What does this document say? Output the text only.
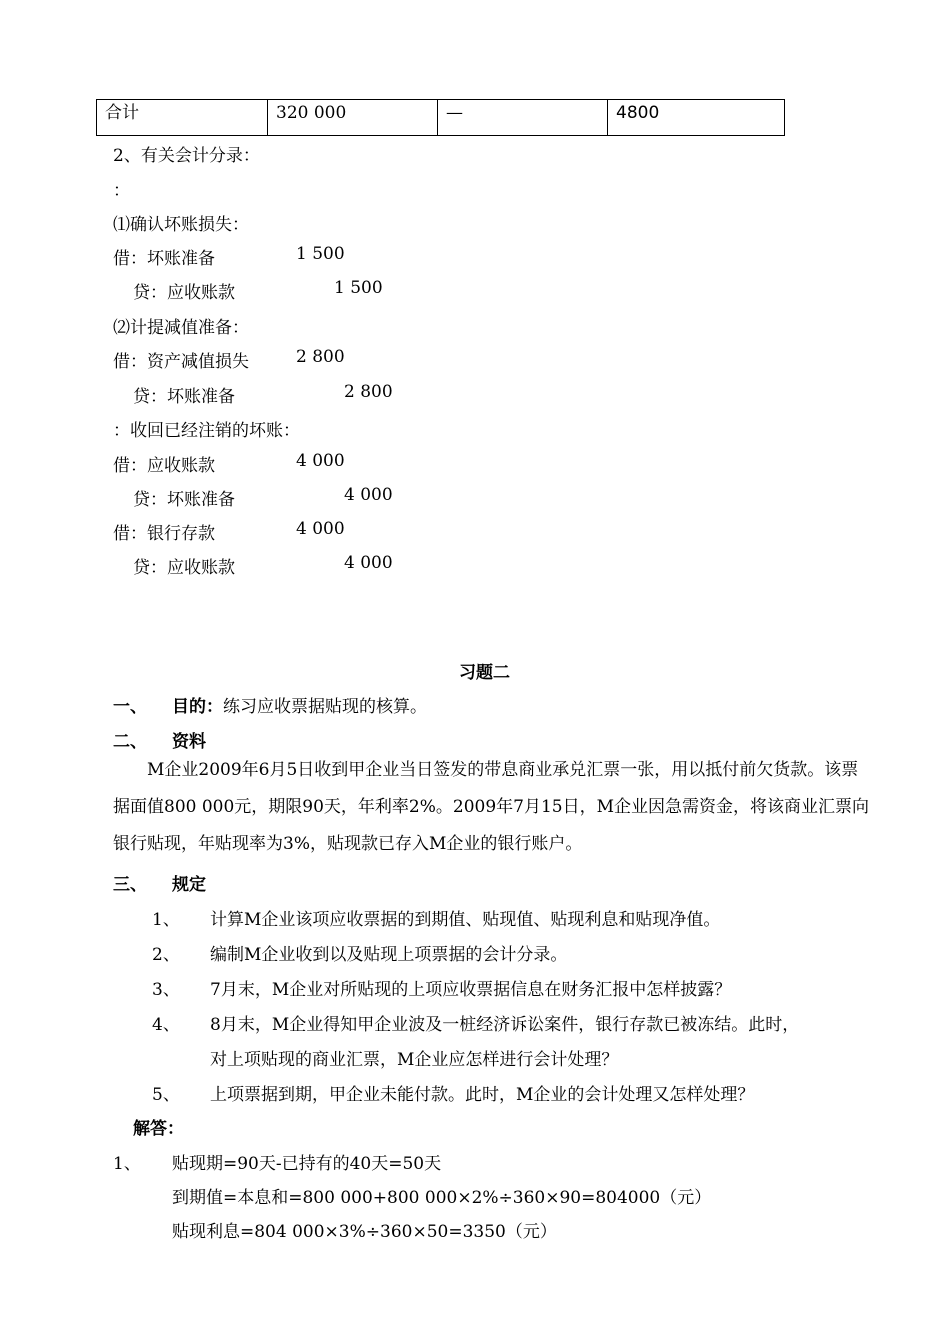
合计	320 000	—	4800
2、有关会计分录：
：
⑴确认坏账损失：
借：坏账准备	1 500
贷：应收账款	1 500
⑵计提减值准备：
借：资产减值损失	2 800
贷：坏账准备	2 800
：收回已经注销的坏账：
借：应收账款	4 000
贷：坏账准备	4 000
借：银行存款	4 000
贷：应收账款	4 000
习题二
一、 目的：练习应收票据贴现的核算。
二、 资料
M企业2009年6月5日收到甲企业当日签发的带息商业承兑汇票一张，用以抵付前欠货款。该票据面值800 000元，期限90天，年利率2%。2009年7月15日，M企业因急需资金，将该商业汇票向银行贴现，年贴现率为3%，贴现款已存入M企业的银行账户。
三、 规定
1、 计算M企业该项应收票据的到期值、贴现值、贴现利息和贴现净值。
2、 编制M企业收到以及贴现上项票据的会计分录。
3、 7月末，M企业对所贴现的上项应收票据信息在财务汇报中怎样披露？
4、 8月末，M企业得知甲企业波及一桩经济诉讼案件，银行存款已被冻结。此时，
对上项贴现的商业汇票，M企业应怎样进行会计处理？
5、 上项票据到期，甲企业未能付款。此时，M企业的会计处理又怎样处理？
解答：
1、 贴现期=90天-已持有的40天=50天
到期值=本息和=800 000+800 000×2%÷360×90=804000（元）
贴现利息=804 000×3%÷360×50=3350（元）
